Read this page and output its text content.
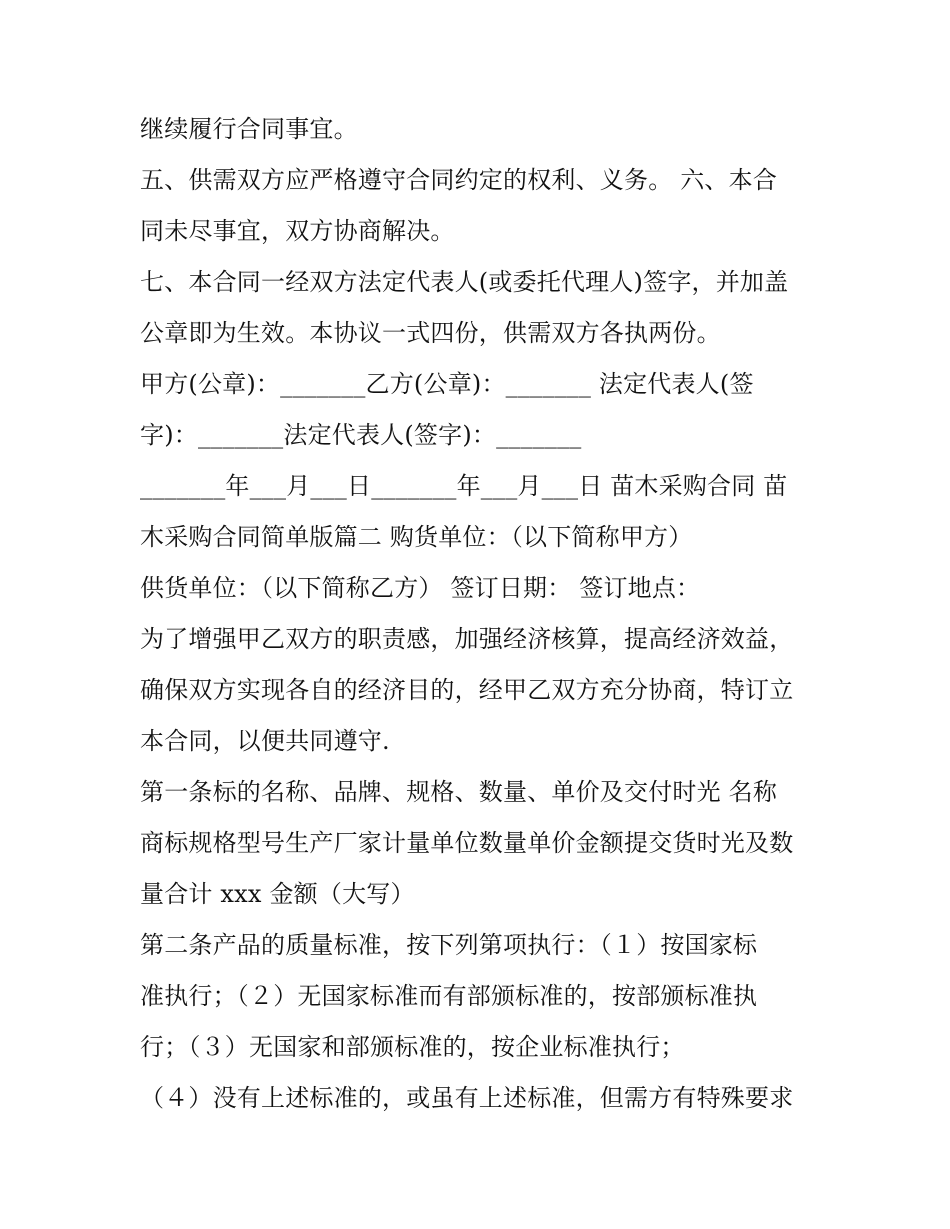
继续履行合同事宜。
五、供需双方应严格遵守合同约定的权利、义务。 六、本合
同未尽事宜，双方协商解决。
七、本合同一经双方法定代表人(或委托代理人)签字，并加盖
公章即为生效。本协议一式四份，供需双方各执两份。
甲方(公章)：_______乙方(公章)：_______ 法定代表人(签
字)：_______法定代表人(签字)：_______
_______年___月___日_______年___月___日 苗木采购合同 苗
木采购合同简单版篇二 购货单位：（以下简称甲方）
供货单位：（以下简称乙方） 签订日期： 签订地点：
为了增强甲乙双方的职责感，加强经济核算，提高经济效益，
确保双方实现各自的经济目的，经甲乙双方充分协商，特订立
本合同，以便共同遵守.
第一条标的名称、品牌、规格、数量、单价及交付时光 名称
商标规格型号生产厂家计量单位数量单价金额提交货时光及数
量合计 xxx 金额（大写）
第二条产品的质量标准，按下列第项执行：（１）按国家标
准执行；（２）无国家标准而有部颁标准的，按部颁标准执
行；（３）无国家和部颁标准的，按企业标准执行；
（４）没有上述标准的，或虽有上述标准，但需方有特殊要求
